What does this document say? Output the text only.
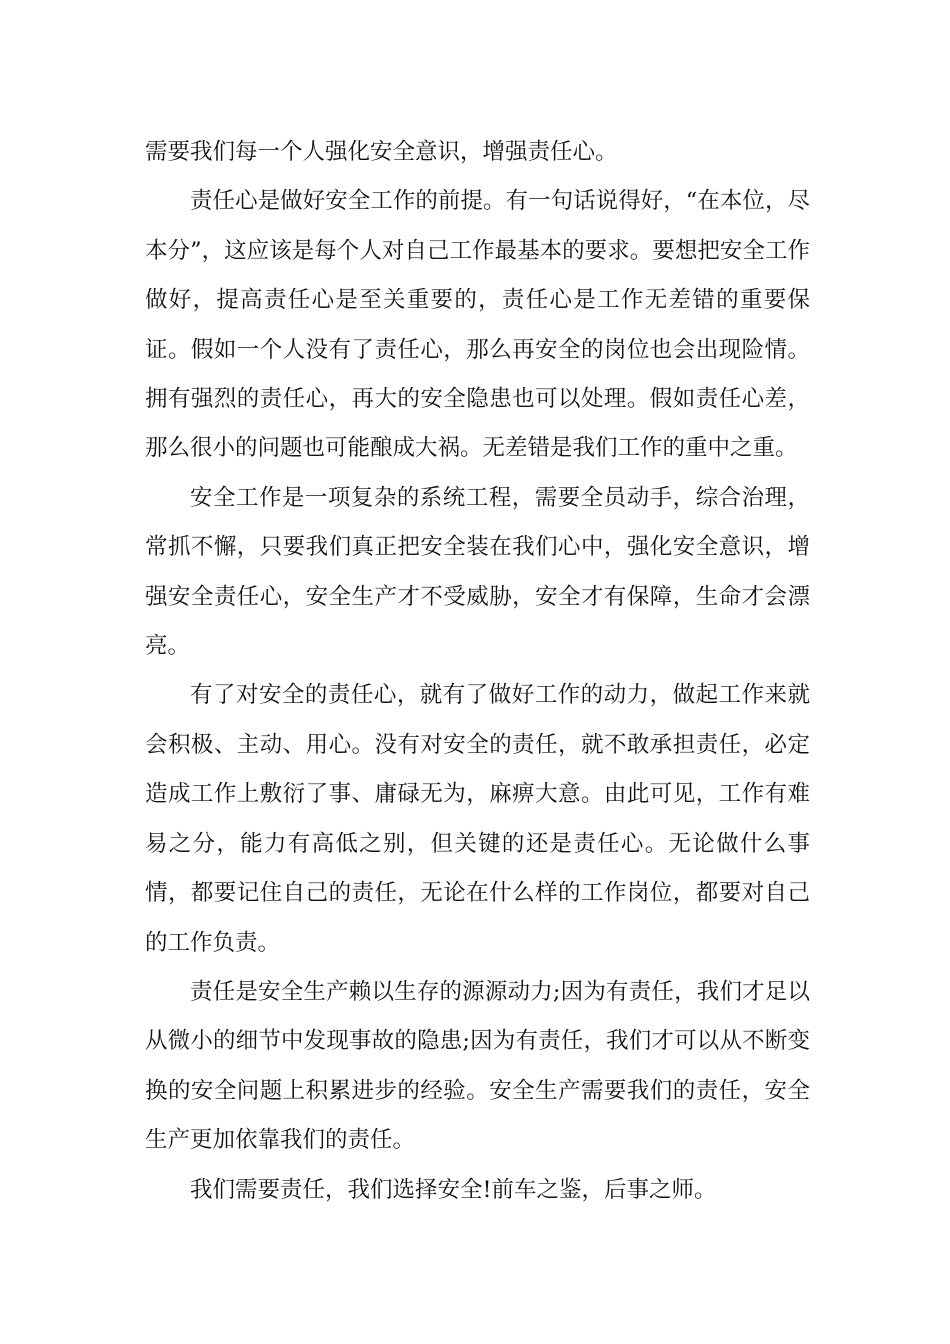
需要我们每一个人强化安全意识，增强责任心。

责任心是做好安全工作的前提。有一句话说得好，“在本位，尽本分”，这应该是每个人对自己工作最基本的要求。要想把安全工作做好，提高责任心是至关重要的，责任心是工作无差错的重要保证。假如一个人没有了责任心，那么再安全的岗位也会出现险情。拥有强烈的责任心，再大的安全隐患也可以处理。假如责任心差，那么很小的问题也可能酿成大祸。无差错是我们工作的重中之重。

安全工作是一项复杂的系统工程，需要全员动手，综合治理，常抓不懈，只要我们真正把安全装在我们心中，强化安全意识，增强安全责任心，安全生产才不受威胁，安全才有保障，生命才会漂亮。

有了对安全的责任心，就有了做好工作的动力，做起工作来就会积极、主动、用心。没有对安全的责任，就不敢承担责任，必定造成工作上敷衍了事、庸碌无为，麻痹大意。由此可见，工作有难易之分，能力有高低之别，但关键的还是责任心。无论做什么事情，都要记住自己的责任，无论在什么样的工作岗位，都要对自己的工作负责。

责任是安全生产赖以生存的源源动力;因为有责任，我们才足以从微小的细节中发现事故的隐患;因为有责任，我们才可以从不断变换的安全问题上积累进步的经验。安全生产需要我们的责任，安全生产更加依靠我们的责任。

我们需要责任，我们选择安全!前车之鉴，后事之师。
